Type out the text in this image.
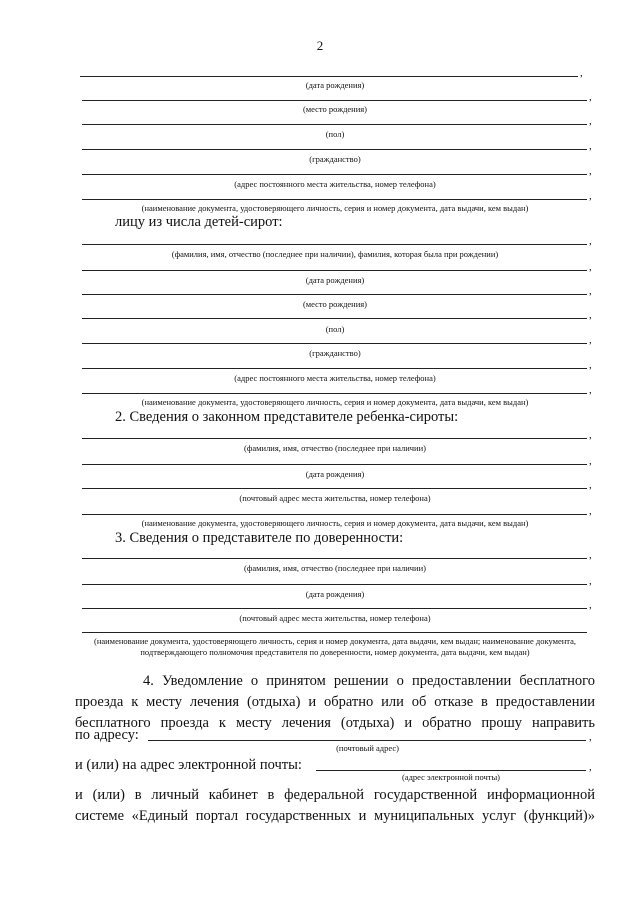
2
,
(дата рождения)
,
(место рождения)
,
(пол)
,
(гражданство)
,
(адрес постоянного места жительства, номер телефона)
,
(наименование документа, удостоверяющего личность, серия и номер документа, дата выдачи, кем выдан)
лицу из числа детей-сирот:
,
(фамилия, имя, отчество (последнее при наличии), фамилия, которая была при рождении)
,
(дата рождения)
,
(место рождения)
,
(пол)
,
(гражданство)
,
(адрес постоянного места жительства, номер телефона)
,
(наименование документа, удостоверяющего личность, серия и номер документа, дата выдачи, кем выдан)
2. Сведения о законном представителе ребенка-сироты:
,
(фамилия, имя, отчество (последнее при наличии)
,
(дата рождения)
,
(почтовый адрес места жительства, номер телефона)
,
(наименование документа, удостоверяющего личность, серия и номер документа, дата выдачи, кем выдан)
3. Сведения о представителе по доверенности:
,
(фамилия, имя, отчество (последнее при наличии)
,
(дата рождения)
,
(почтовый адрес места жительства, номер телефона)
(наименование документа, удостоверяющего личность, серия и номер документа, дата выдачи, кем выдан; наименование документа, подтверждающего полномочия представителя по доверенности, номер документа, дата выдачи, кем выдан)
4. Уведомление о принятом решении о предоставлении бесплатного
проезда к месту лечения (отдыха) и обратно или об отказе в предоставлении
бесплатного проезда к месту лечения (отдыха) и обратно прошу направить
по адресу:	,
(почтовый адрес)
и (или) на адрес электронной почты:	,
(адрес электронной почты)
и (или) в личный кабинет в федеральной государственной информационной
системе «Единый портал государственных и муниципальных услуг (функций)»
